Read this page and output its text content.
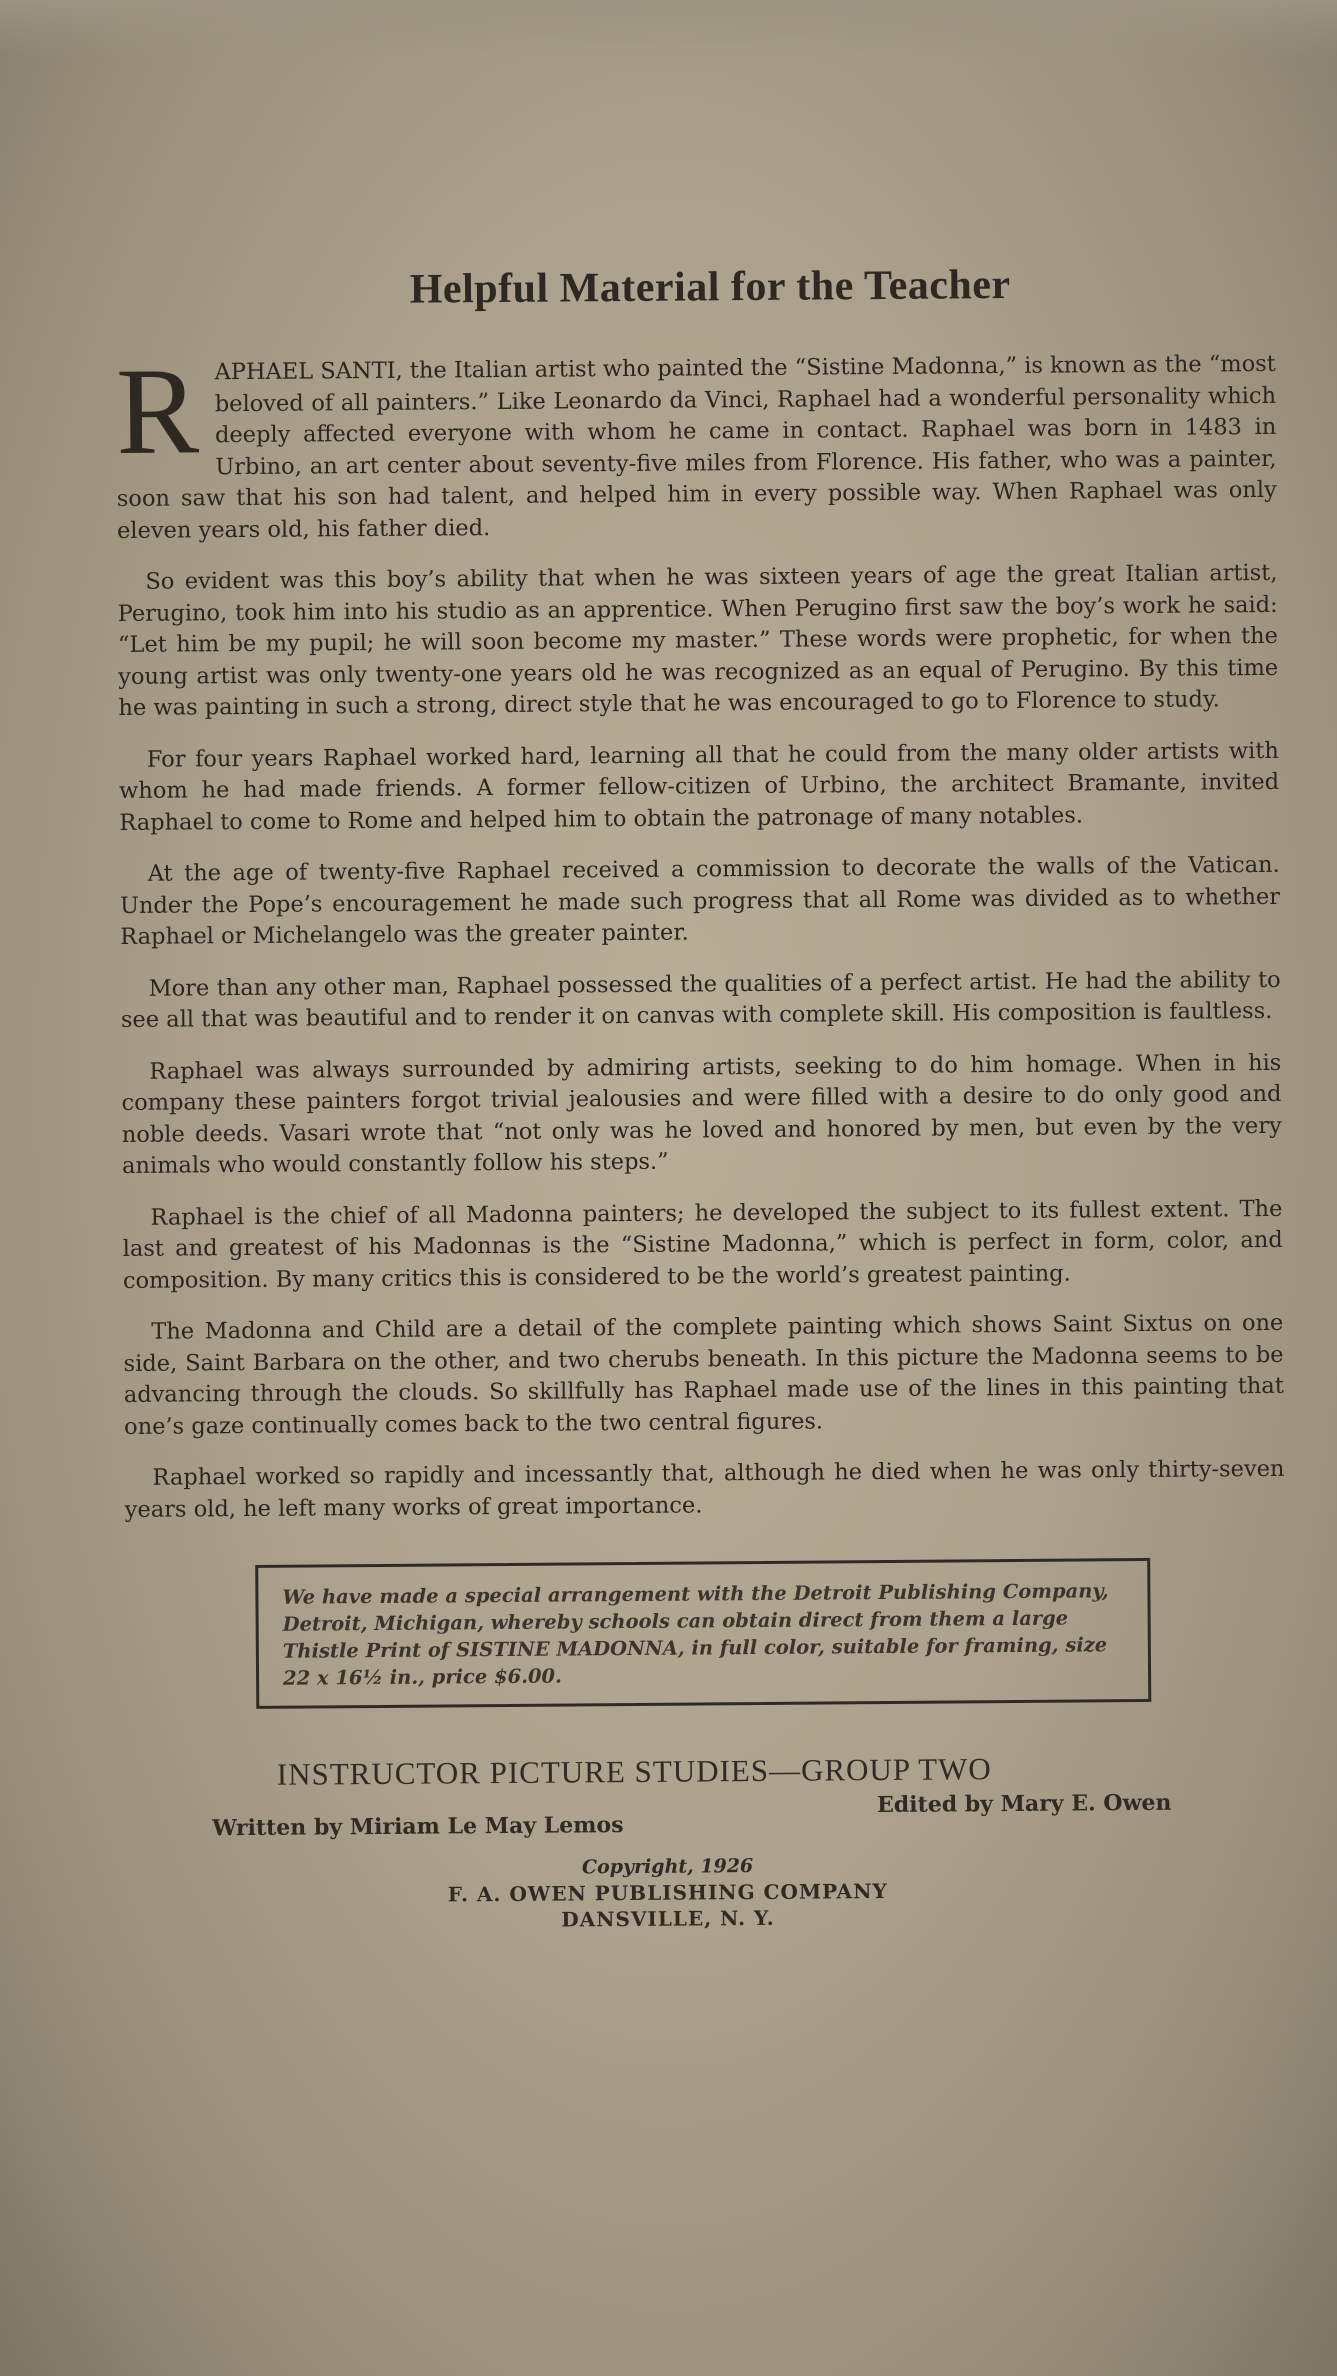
Helpful Material for the Teacher

RAPHAEL SANTI, the Italian artist who painted the “Sistine Madonna,” is known as the “most beloved of all painters.” Like Leonardo da Vinci, Raphael had a wonderful personality which deeply affected everyone with whom he came in contact. Raphael was born in 1483 in Urbino, an art center about seventy-five miles from Florence. His father, who was a painter, soon saw that his son had talent, and helped him in every possible way. When Raphael was only eleven years old, his father died.

So evident was this boy’s ability that when he was sixteen years of age the great Italian artist, Perugino, took him into his studio as an apprentice. When Perugino first saw the boy’s work he said: “Let him be my pupil; he will soon become my master.” These words were prophetic, for when the young artist was only twenty-one years old he was recognized as an equal of Perugino. By this time he was painting in such a strong, direct style that he was encouraged to go to Florence to study.

For four years Raphael worked hard, learning all that he could from the many older artists with whom he had made friends. A former fellow-citizen of Urbino, the architect Bramante, invited Raphael to come to Rome and helped him to obtain the patronage of many notables.

At the age of twenty-five Raphael received a commission to decorate the walls of the Vatican. Under the Pope’s encouragement he made such progress that all Rome was divided as to whether Raphael or Michelangelo was the greater painter.

More than any other man, Raphael possessed the qualities of a perfect artist. He had the ability to see all that was beautiful and to render it on canvas with complete skill. His composition is faultless.

Raphael was always surrounded by admiring artists, seeking to do him homage. When in his company these painters forgot trivial jealousies and were filled with a desire to do only good and noble deeds. Vasari wrote that “not only was he loved and honored by men, but even by the very animals who would constantly follow his steps.”

Raphael is the chief of all Madonna painters; he developed the subject to its fullest extent. The last and greatest of his Madonnas is the “Sistine Madonna,” which is perfect in form, color, and composition. By many critics this is considered to be the world’s greatest painting.

The Madonna and Child are a detail of the complete painting which shows Saint Sixtus on one side, Saint Barbara on the other, and two cherubs beneath. In this picture the Madonna seems to be advancing through the clouds. So skillfully has Raphael made use of the lines in this painting that one’s gaze continually comes back to the two central figures.

Raphael worked so rapidly and incessantly that, although he died when he was only thirty-seven years old, he left many works of great importance.

We have made a special arrangement with the Detroit Publishing Company, Detroit, Michigan, whereby schools can obtain direct from them a large Thistle Print of SISTINE MADONNA, in full color, suitable for framing, size 22 x 16½ in., price $6.00.
INSTRUCTOR PICTURE STUDIES—GROUP TWO
Edited by Mary E. Owen
Written by Miriam Le May Lemos
Copyright, 1926
F. A. OWEN PUBLISHING COMPANY
DANSVILLE, N. Y.
